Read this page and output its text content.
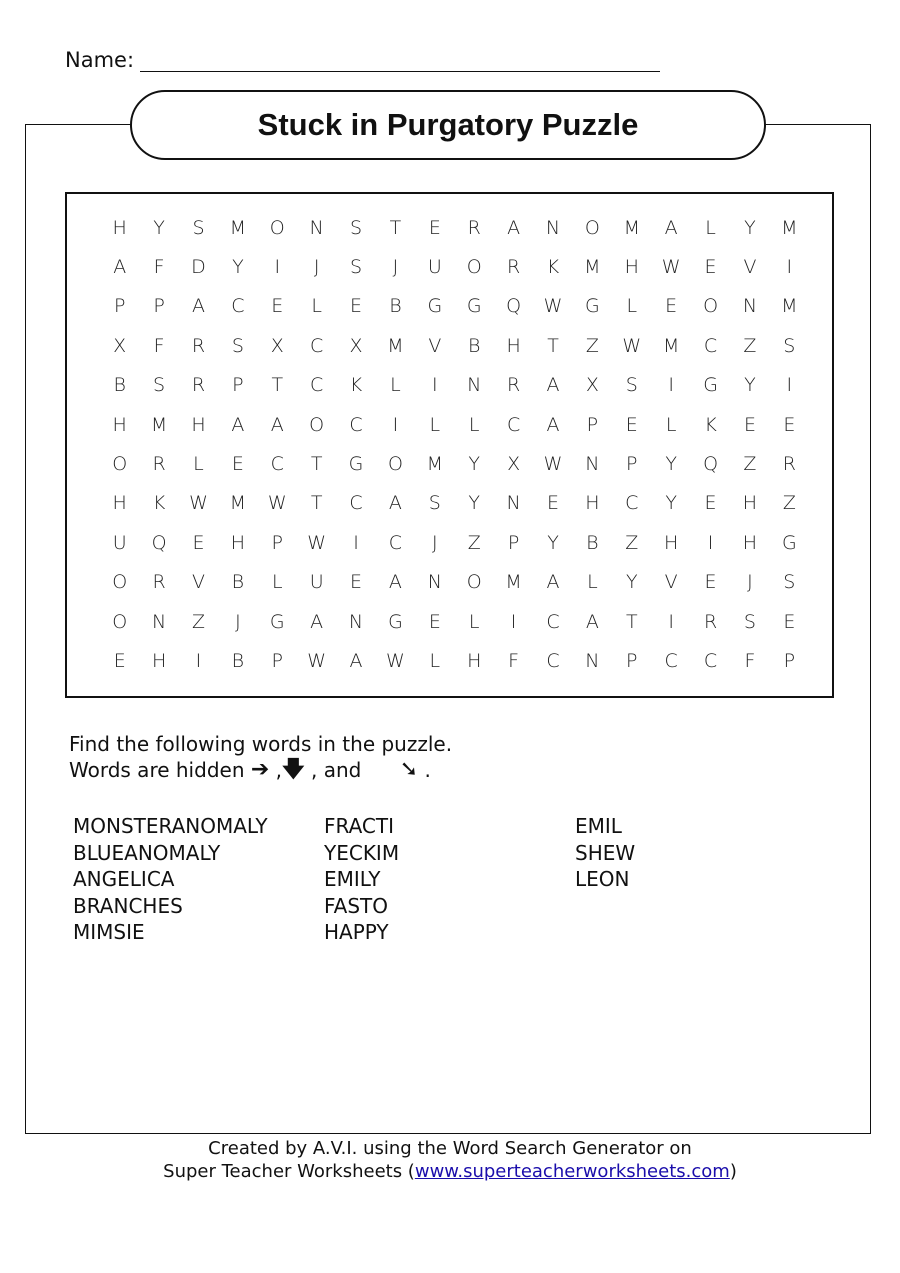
Name:
Stuck in Purgatory Puzzle
H	Y	S	M	O	N	S	T	E	R	A	N	O	M	A	L	Y	M
A	F	D	Y	I	J	S	J	U	O	R	K	M	H	W	E	V	I
P	P	A	C	E	L	E	B	G	G	Q	W	G	L	E	O	N	M
X	F	R	S	X	C	X	M	V	B	H	T	Z	W	M	C	Z	S
B	S	R	P	T	C	K	L	I	N	R	A	X	S	I	G	Y	I
H	M	H	A	A	O	C	I	L	L	C	A	P	E	L	K	E	E
O	R	L	E	C	T	G	O	M	Y	X	W	N	P	Y	Q	Z	R
H	K	W	M	W	T	C	A	S	Y	N	E	H	C	Y	E	H	Z
U	Q	E	H	P	W	I	C	J	Z	P	Y	B	Z	H	I	H	G
O	R	V	B	L	U	E	A	N	O	M	A	L	Y	V	E	J	S
O	N	Z	J	G	A	N	G	E	L	I	C	A	T	I	R	S	E
E	H	I	B	P	W	A	W	L	H	F	C	N	P	C	C	F	P
Find the following words in the puzzle.
Words are hidden ➔ , 🡇 , and ➘ .
MONSTERANOMALY
BLUEANOMALY
ANGELICA
BRANCHES
MIMSIE
FRACTI
YECKIM
EMILY
FASTO
HAPPY
EMIL
SHEW
LEON
Created by A.V.I. using the Word Search Generator on
Super Teacher Worksheets (www.superteacherworksheets.com)
